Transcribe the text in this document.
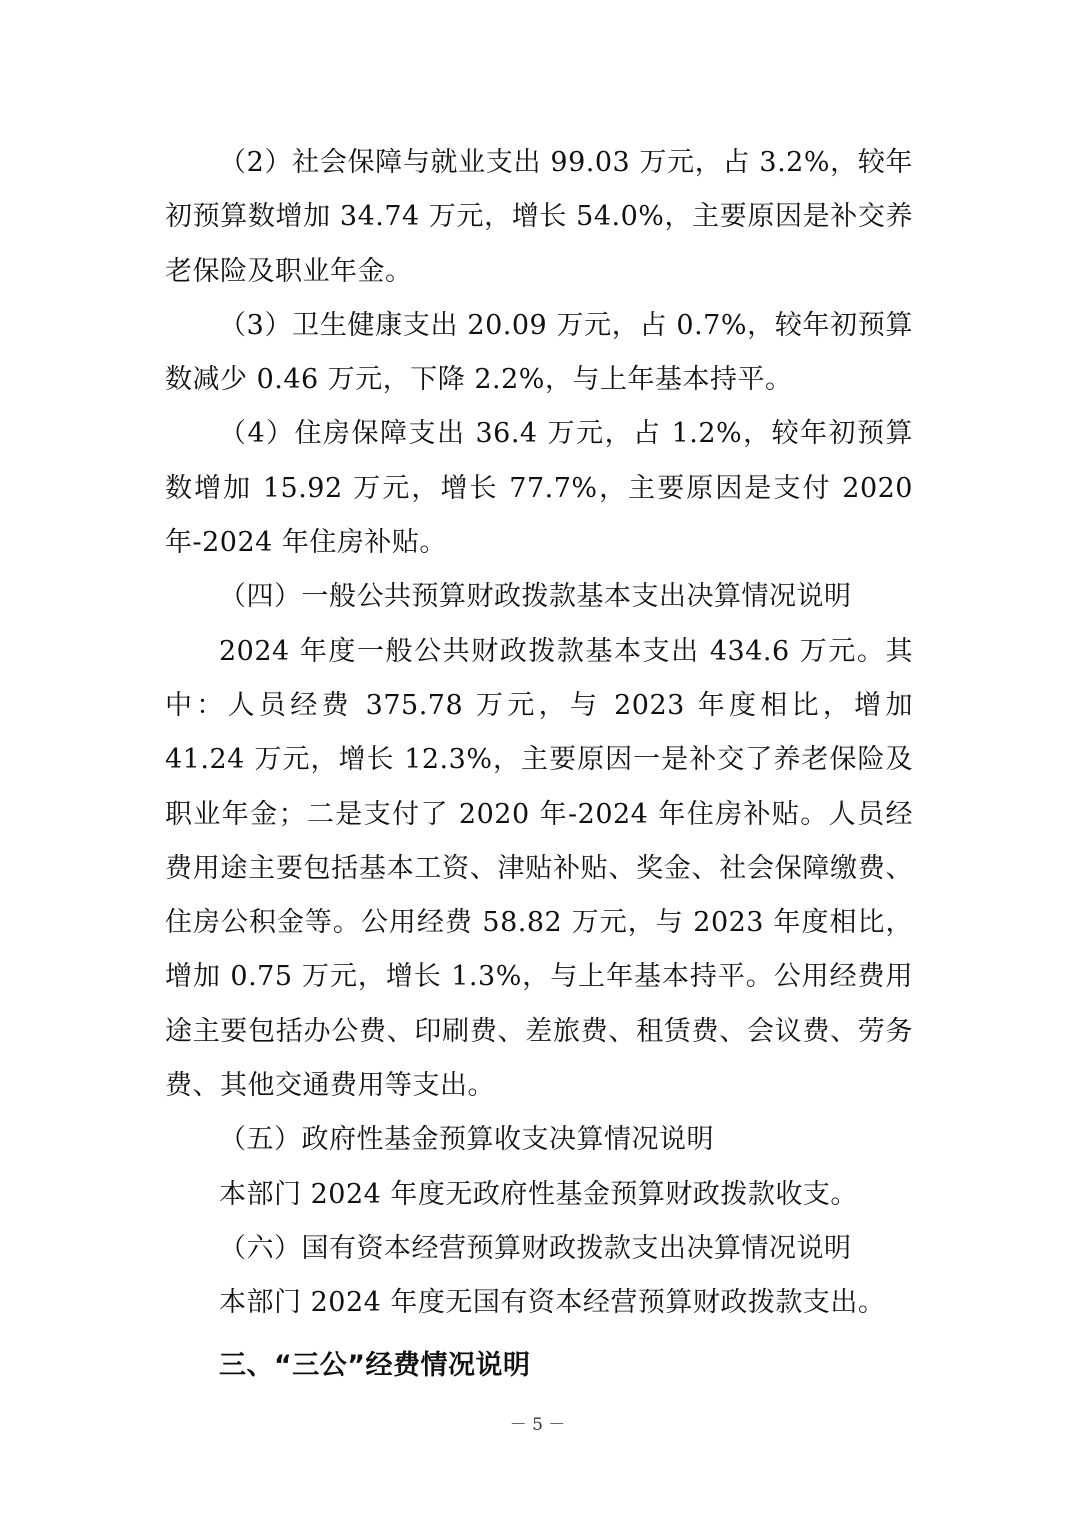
（2）社会保障与就业支出 99.03 万元，占 3.2%，较年初预算数增加 34.74 万元，增长 54.0%，主要原因是补交养老保险及职业年金。

（3）卫生健康支出 20.09 万元，占 0.7%，较年初预算数减少 0.46 万元，下降 2.2%，与上年基本持平。

（4）住房保障支出 36.4 万元，占 1.2%，较年初预算数增加 15.92 万元，增长 77.7%，主要原因是支付 2020 年-2024 年住房补贴。

（四）一般公共预算财政拨款基本支出决算情况说明

2024 年度一般公共财政拨款基本支出 434.6 万元。其中：人员经费 375.78 万元，与 2023 年度相比，增加 41.24 万元，增长 12.3%，主要原因一是补交了养老保险及职业年金；二是支付了 2020 年-2024 年住房补贴。人员经费用途主要包括基本工资、津贴补贴、奖金、社会保障缴费、住房公积金等。公用经费 58.82 万元，与 2023 年度相比，增加 0.75 万元，增长 1.3%，与上年基本持平。公用经费用途主要包括办公费、印刷费、差旅费、租赁费、会议费、劳务费、其他交通费用等支出。

（五）政府性基金预算收支决算情况说明

本部门 2024 年度无政府性基金预算财政拨款收支。

（六）国有资本经营预算财政拨款支出决算情况说明

本部门 2024 年度无国有资本经营预算财政拨款支出。

三、“三公”经费情况说明

－ 5 －
